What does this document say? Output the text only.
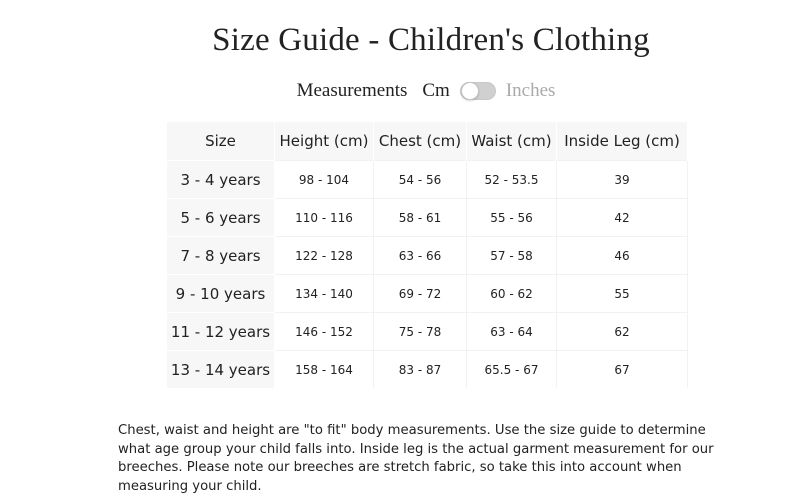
Size Guide - Children's Clothing
Measurements Cm	Inches
Size	Height (cm)	Chest (cm)	Waist (cm)	Inside Leg (cm)
3 - 4 years	98 - 104	54 - 56	52 - 53.5	39
5 - 6 years	110 - 116	58 - 61	55 - 56	42
7 - 8 years	122 - 128	63 - 66	57 - 58	46
9 - 10 years	134 - 140	69 - 72	60 - 62	55
11 - 12 years	146 - 152	75 - 78	63 - 64	62
13 - 14 years	158 - 164	83 - 87	65.5 - 67	67

Chest, waist and height are "to fit" body measurements. Use the size guide to determine what age group your child falls into. Inside leg is the actual garment measurement for our breeches. Please note our breeches are stretch fabric, so take this into account when measuring your child.
